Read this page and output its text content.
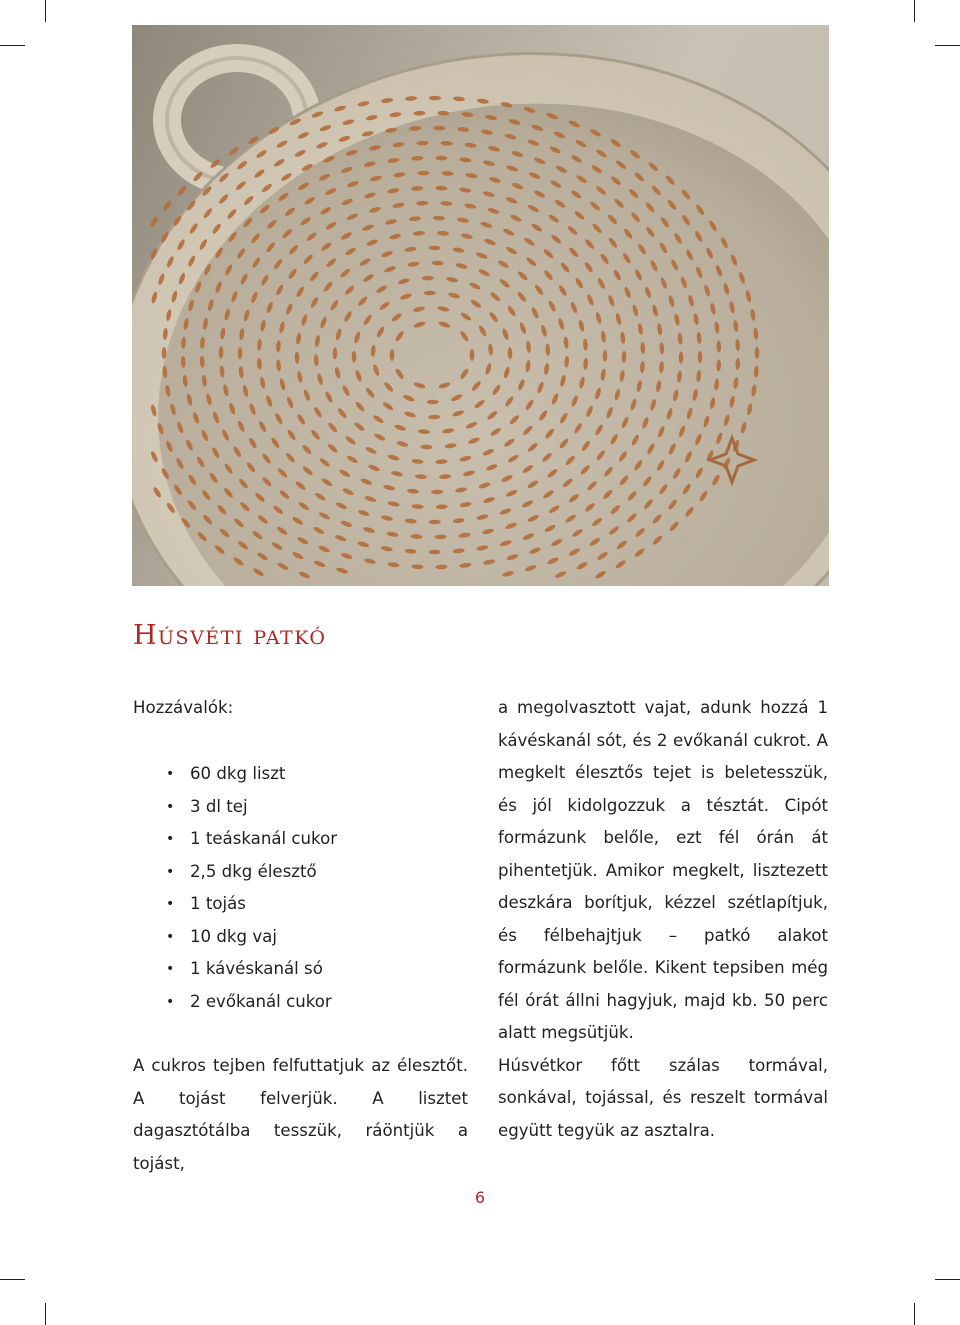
HÚSVÉTI PATKÓ
Hozzávalók:
• 60 dkg liszt
• 3 dl tej
• 1 teáskanál cukor
• 2,5 dkg élesztő
• 1 tojás
• 10 dkg vaj
• 1 kávéskanál só
• 2 evőkanál cukor
A cukros tejben felfuttatjuk az élesztőt. A tojást felverjük. A lisztet dagasztótálba tesszük, ráöntjük a tojást,

a megolvasztott vajat, adunk hozzá 1 kávéskanál sót, és 2 evőkanál cukrot. A megkelt élesztős tejet is beletesszük, és jól kidolgozzuk a tésztát. Cipót formázunk belőle, ezt fél órán át pihentetjük. Amikor megkelt, lisztezett deszkára borítjuk, kézzel szétlapítjuk, és félbehajtjuk – patkó alakot formázunk belőle. Kikent tepsiben még fél órát állni hagyjuk, majd kb. 50 perc alatt megsütjük.

Húsvétkor főtt szálas tormával, sonkával, tojással, és reszelt tormával együtt tegyük az asztalra.

6
